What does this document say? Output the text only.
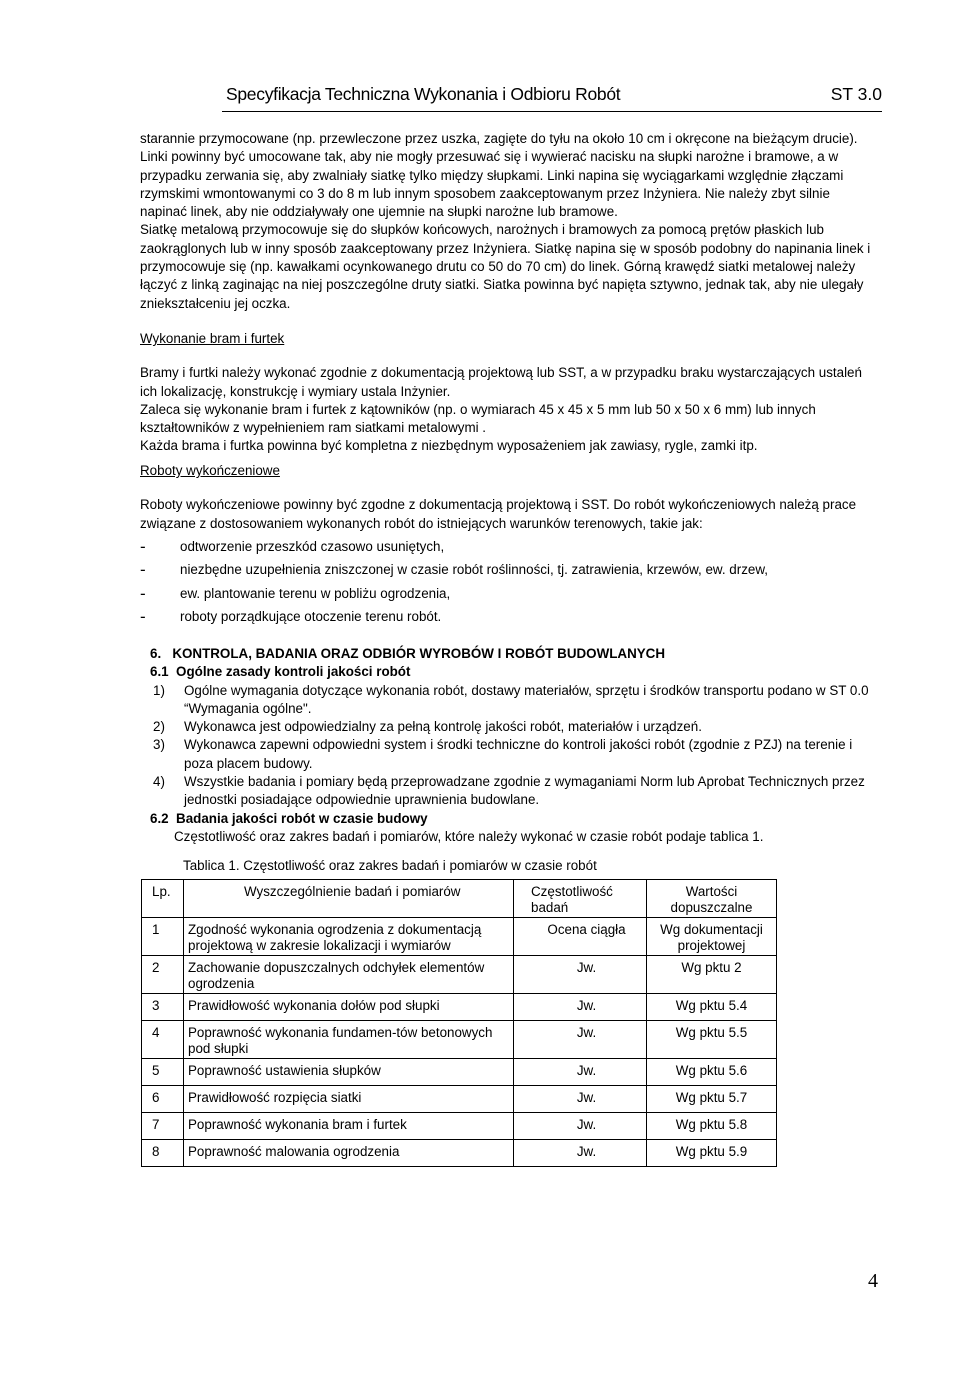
Specyfikacja Techniczna Wykonania i Odbioru Robót	ST 3.0

starannie przymocowane (np. przewleczone przez uszka, zagięte do tyłu na około 10 cm i okręcone na bieżącym drucie). Linki powinny być umocowane tak, aby nie mogły przesuwać się i wywierać nacisku na słupki narożne i bramowe, a w przypadku zerwania się, aby zwalniały siatkę tylko między słupkami. Linki napina się wyciągarkami względnie złączami rzymskimi wmontowanymi co 3 do 8 m lub innym sposobem zaakceptowanym przez Inżyniera. Nie należy zbyt silnie napinać linek, aby nie oddziaływały one ujemnie na słupki narożne lub bramowe.

Siatkę metalową przymocowuje się do słupków końcowych, narożnych i bramowych za pomocą prętów płaskich lub zaokrąglonych lub w inny sposób zaakceptowany przez Inżyniera. Siatkę napina się w sposób podobny do napinania linek i przymocowuje się (np. kawałkami ocynkowanego drutu co 50 do 70 cm) do linek. Górną krawędź siatki metalowej należy łączyć z linką zaginając na niej poszczególne druty siatki. Siatka powinna być napięta sztywno, jednak tak, aby nie ulegały zniekształceniu jej oczka.

Wykonanie bram i furtek

Bramy i furtki należy wykonać zgodnie z dokumentacją projektową lub SST, a w przypadku braku wystarczających ustaleń ich lokalizację, konstrukcję i wymiary ustala Inżynier.

Zaleca się wykonanie bram i furtek z kątowników (np. o wymiarach 45 x 45 x 5 mm lub 50 x 50 x 6 mm) lub innych kształtowników z wypełnieniem ram siatkami metalowymi .

Każda brama i furtka powinna być kompletna z niezbędnym wyposażeniem jak zawiasy, rygle, zamki itp.

Roboty wykończeniowe

Roboty wykończeniowe powinny być zgodne z dokumentacją projektową i SST. Do robót wykończeniowych należą prace związane z dostosowaniem wykonanych robót do istniejących warunków terenowych, takie jak:

- odtworzenie przeszkód czasowo usuniętych,
- niezbędne uzupełnienia zniszczonej w czasie robót roślinności, tj. zatrawienia, krzewów, ew. drzew,
- ew. plantowanie terenu w pobliżu ogrodzenia,
- roboty porządkujące otoczenie terenu robót.

6.   KONTROLA, BADANIA ORAZ ODBIÓR WYROBÓW I ROBÓT BUDOWLANYCH

6.1  Ogólne zasady kontroli jakości robót

1) Ogólne wymagania dotyczące wykonania robót, dostawy materiałów, sprzętu i środków transportu podano w ST 0.0 “Wymagania ogólne".
2) Wykonawca jest odpowiedzialny za pełną kontrolę jakości robót, materiałów i urządzeń.
3) Wykonawca zapewni odpowiedni system i środki techniczne do kontroli jakości robót (zgodnie z PZJ) na terenie i poza placem budowy.
4) Wszystkie badania i pomiary będą przeprowadzane zgodnie z wymaganiami Norm lub Aprobat Technicznych przez jednostki posiadające odpowiednie uprawnienia budowlane.

6.2  Badania jakości robót w czasie budowy

Częstotliwość oraz zakres badań i pomiarów, które należy wykonać w czasie robót podaje tablica 1.

Tablica 1. Częstotliwość oraz zakres badań i pomiarów w czasie robót
Lp.	Wyszczególnienie badań i pomiarów	Częstotliwość badań	Wartości dopuszczalne
1	Zgodność wykonania ogrodzenia z dokumentacją projektową w zakresie lokalizacji i wymiarów	Ocena ciągła	Wg dokumentacji projektowej
2	Zachowanie dopuszczalnych odchyłek elementów ogrodzenia	Jw.	Wg pktu 2
3	Prawidłowość wykonania dołów pod słupki	Jw.	Wg pktu 5.4
4	Poprawność wykonania fundamen-tów betonowych pod słupki	Jw.	Wg pktu 5.5
5	Poprawność ustawienia słupków	Jw.	Wg pktu 5.6
6	Prawidłowość rozpięcia siatki	Jw.	Wg pktu 5.7
7	Poprawność wykonania bram i furtek	Jw.	Wg pktu 5.8
8	Poprawność malowania ogrodzenia	Jw.	Wg pktu 5.9
4
